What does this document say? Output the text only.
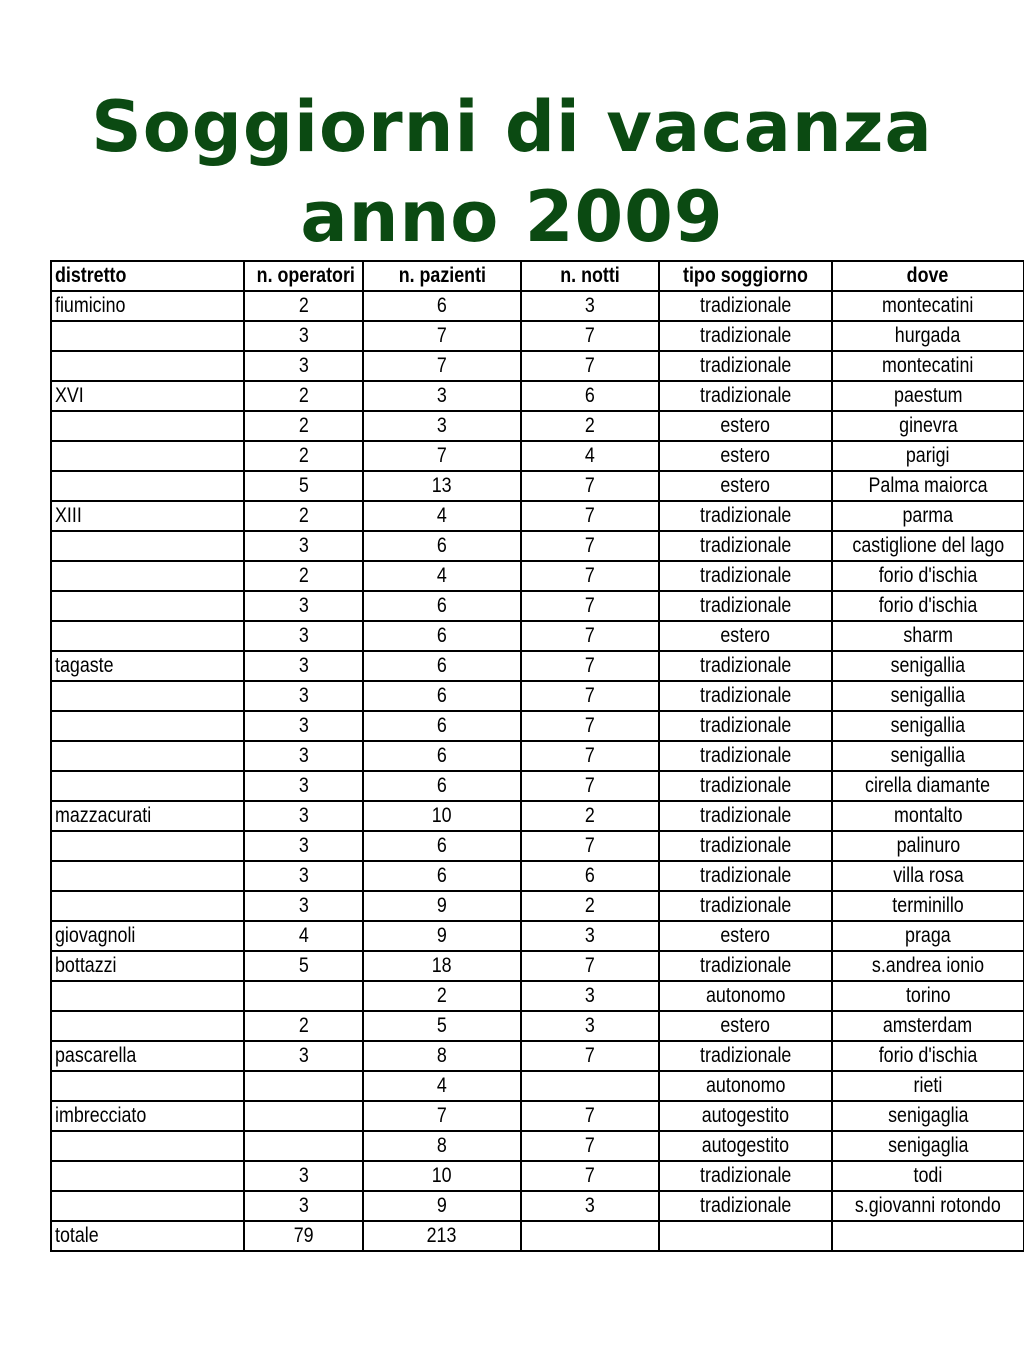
Soggiorni di vacanza
anno 2009
distretto	n. operatori	n. pazienti	n. notti	tipo soggiorno	dove
fiumicino	2	6	3	tradizionale	montecatini
	3	7	7	tradizionale	hurgada
	3	7	7	tradizionale	montecatini
XVI	2	3	6	tradizionale	paestum
	2	3	2	estero	ginevra
	2	7	4	estero	parigi
	5	13	7	estero	Palma maiorca
XIII	2	4	7	tradizionale	parma
	3	6	7	tradizionale	castiglione del lago
	2	4	7	tradizionale	forio d'ischia
	3	6	7	tradizionale	forio d'ischia
	3	6	7	estero	sharm
tagaste	3	6	7	tradizionale	senigallia
	3	6	7	tradizionale	senigallia
	3	6	7	tradizionale	senigallia
	3	6	7	tradizionale	senigallia
	3	6	7	tradizionale	cirella diamante
mazzacurati	3	10	2	tradizionale	montalto
	3	6	7	tradizionale	palinuro
	3	6	6	tradizionale	villa rosa
	3	9	2	tradizionale	terminillo
giovagnoli	4	9	3	estero	praga
bottazzi	5	18	7	tradizionale	s.andrea ionio
		2	3	autonomo	torino
	2	5	3	estero	amsterdam
pascarella	3	8	7	tradizionale	forio d'ischia
		4		autonomo	rieti
imbrecciato		7	7	autogestito	senigaglia
		8	7	autogestito	senigaglia
	3	10	7	tradizionale	todi
	3	9	3	tradizionale	s.giovanni rotondo
totale	79	213			
